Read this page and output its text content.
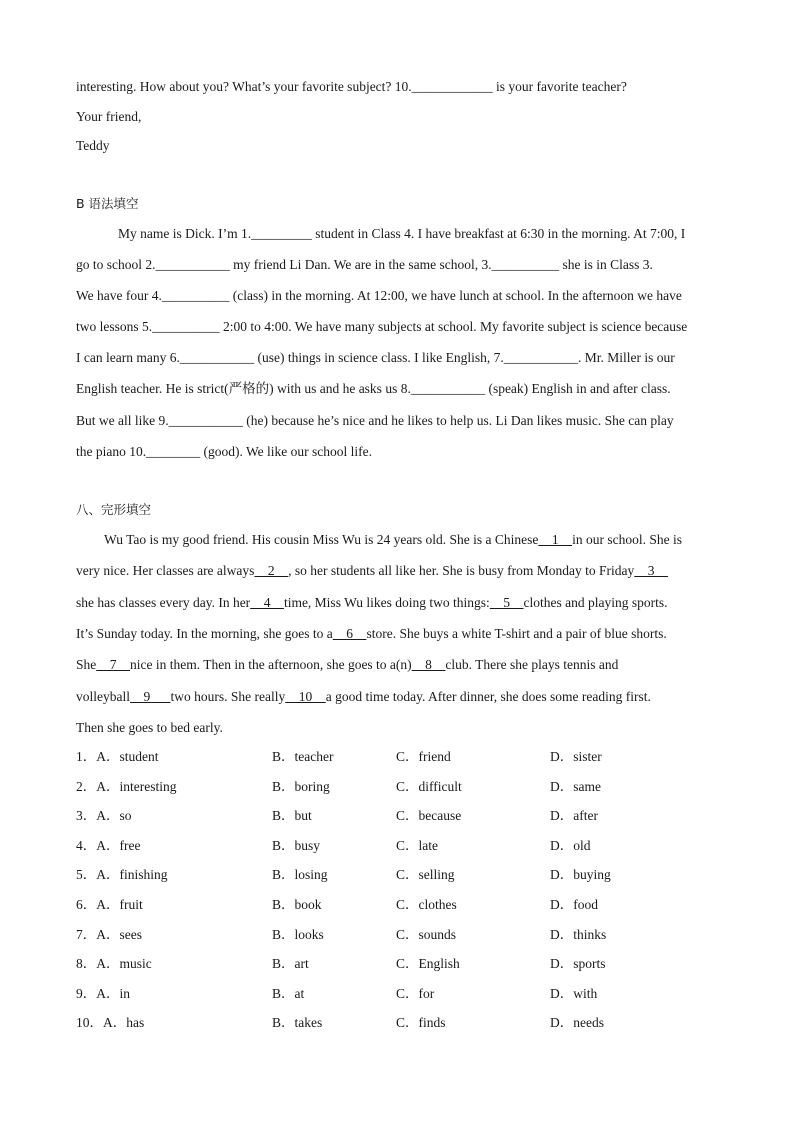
interesting. How about you? What’s your favorite subject? 10.____________ is your favorite teacher?
Your friend,
Teddy
B 语法填空
My name is Dick. I’m 1._________ student in Class 4. I have breakfast at 6:30 in the morning. At 7:00, I
go to school 2.___________ my friend Li Dan. We are in the same school, 3.__________ she is in Class 3.
We have four 4.__________ (class) in the morning. At 12:00, we have lunch at school. In the afternoon we have
two lessons 5.__________ 2:00 to 4:00. We have many subjects at school. My favorite subject is science because
I can learn many 6.___________ (use) things in science class. I like English, 7.___________. Mr. Miller is our
English teacher. He is strict(严格的) with us and he asks us 8.___________ (speak) English in and after class.
But we all like 9.___________ (he) because he’s nice and he likes to help us. Li Dan likes music. She can play
the piano 10.________ (good). We like our school life.
八、完形填空
Wu Tao is my good friend. His cousin Miss Wu is 24 years old. She is a Chinese    1    in our school. She is
very nice. Her classes are always    2    , so her students all like her. She is busy from Monday to Friday    3
she has classes every day. In her    4    time, Miss Wu likes doing two things:    5    clothes and playing sports.
It’s Sunday today. In the morning, she goes to a    6    store. She buys a white T-shirt and a pair of blue shorts.
She    7    nice in them. Then in the afternoon, she goes to a(n)    8    club. There she plays tennis and
volleyball    9      two hours. She really    10    a good time today. After dinner, she does some reading first.
Then she goes to bed early.
1．A．student	B．teacher	C．friend	D．sister
2．A．interesting	B．boring	C．difficult	D．same
3．A．so	B．but	C．because	D．after
4．A．free	B．busy	C．late	D．old
5．A．finishing	B．losing	C．selling	D．buying
6．A．fruit	B．book	C．clothes	D．food
7．A．sees	B．looks	C．sounds	D．thinks
8．A．music	B．art	C．English	D．sports
9．A．in	B．at	C．for	D．with
10．A．has	B．takes	C．finds	D．needs
